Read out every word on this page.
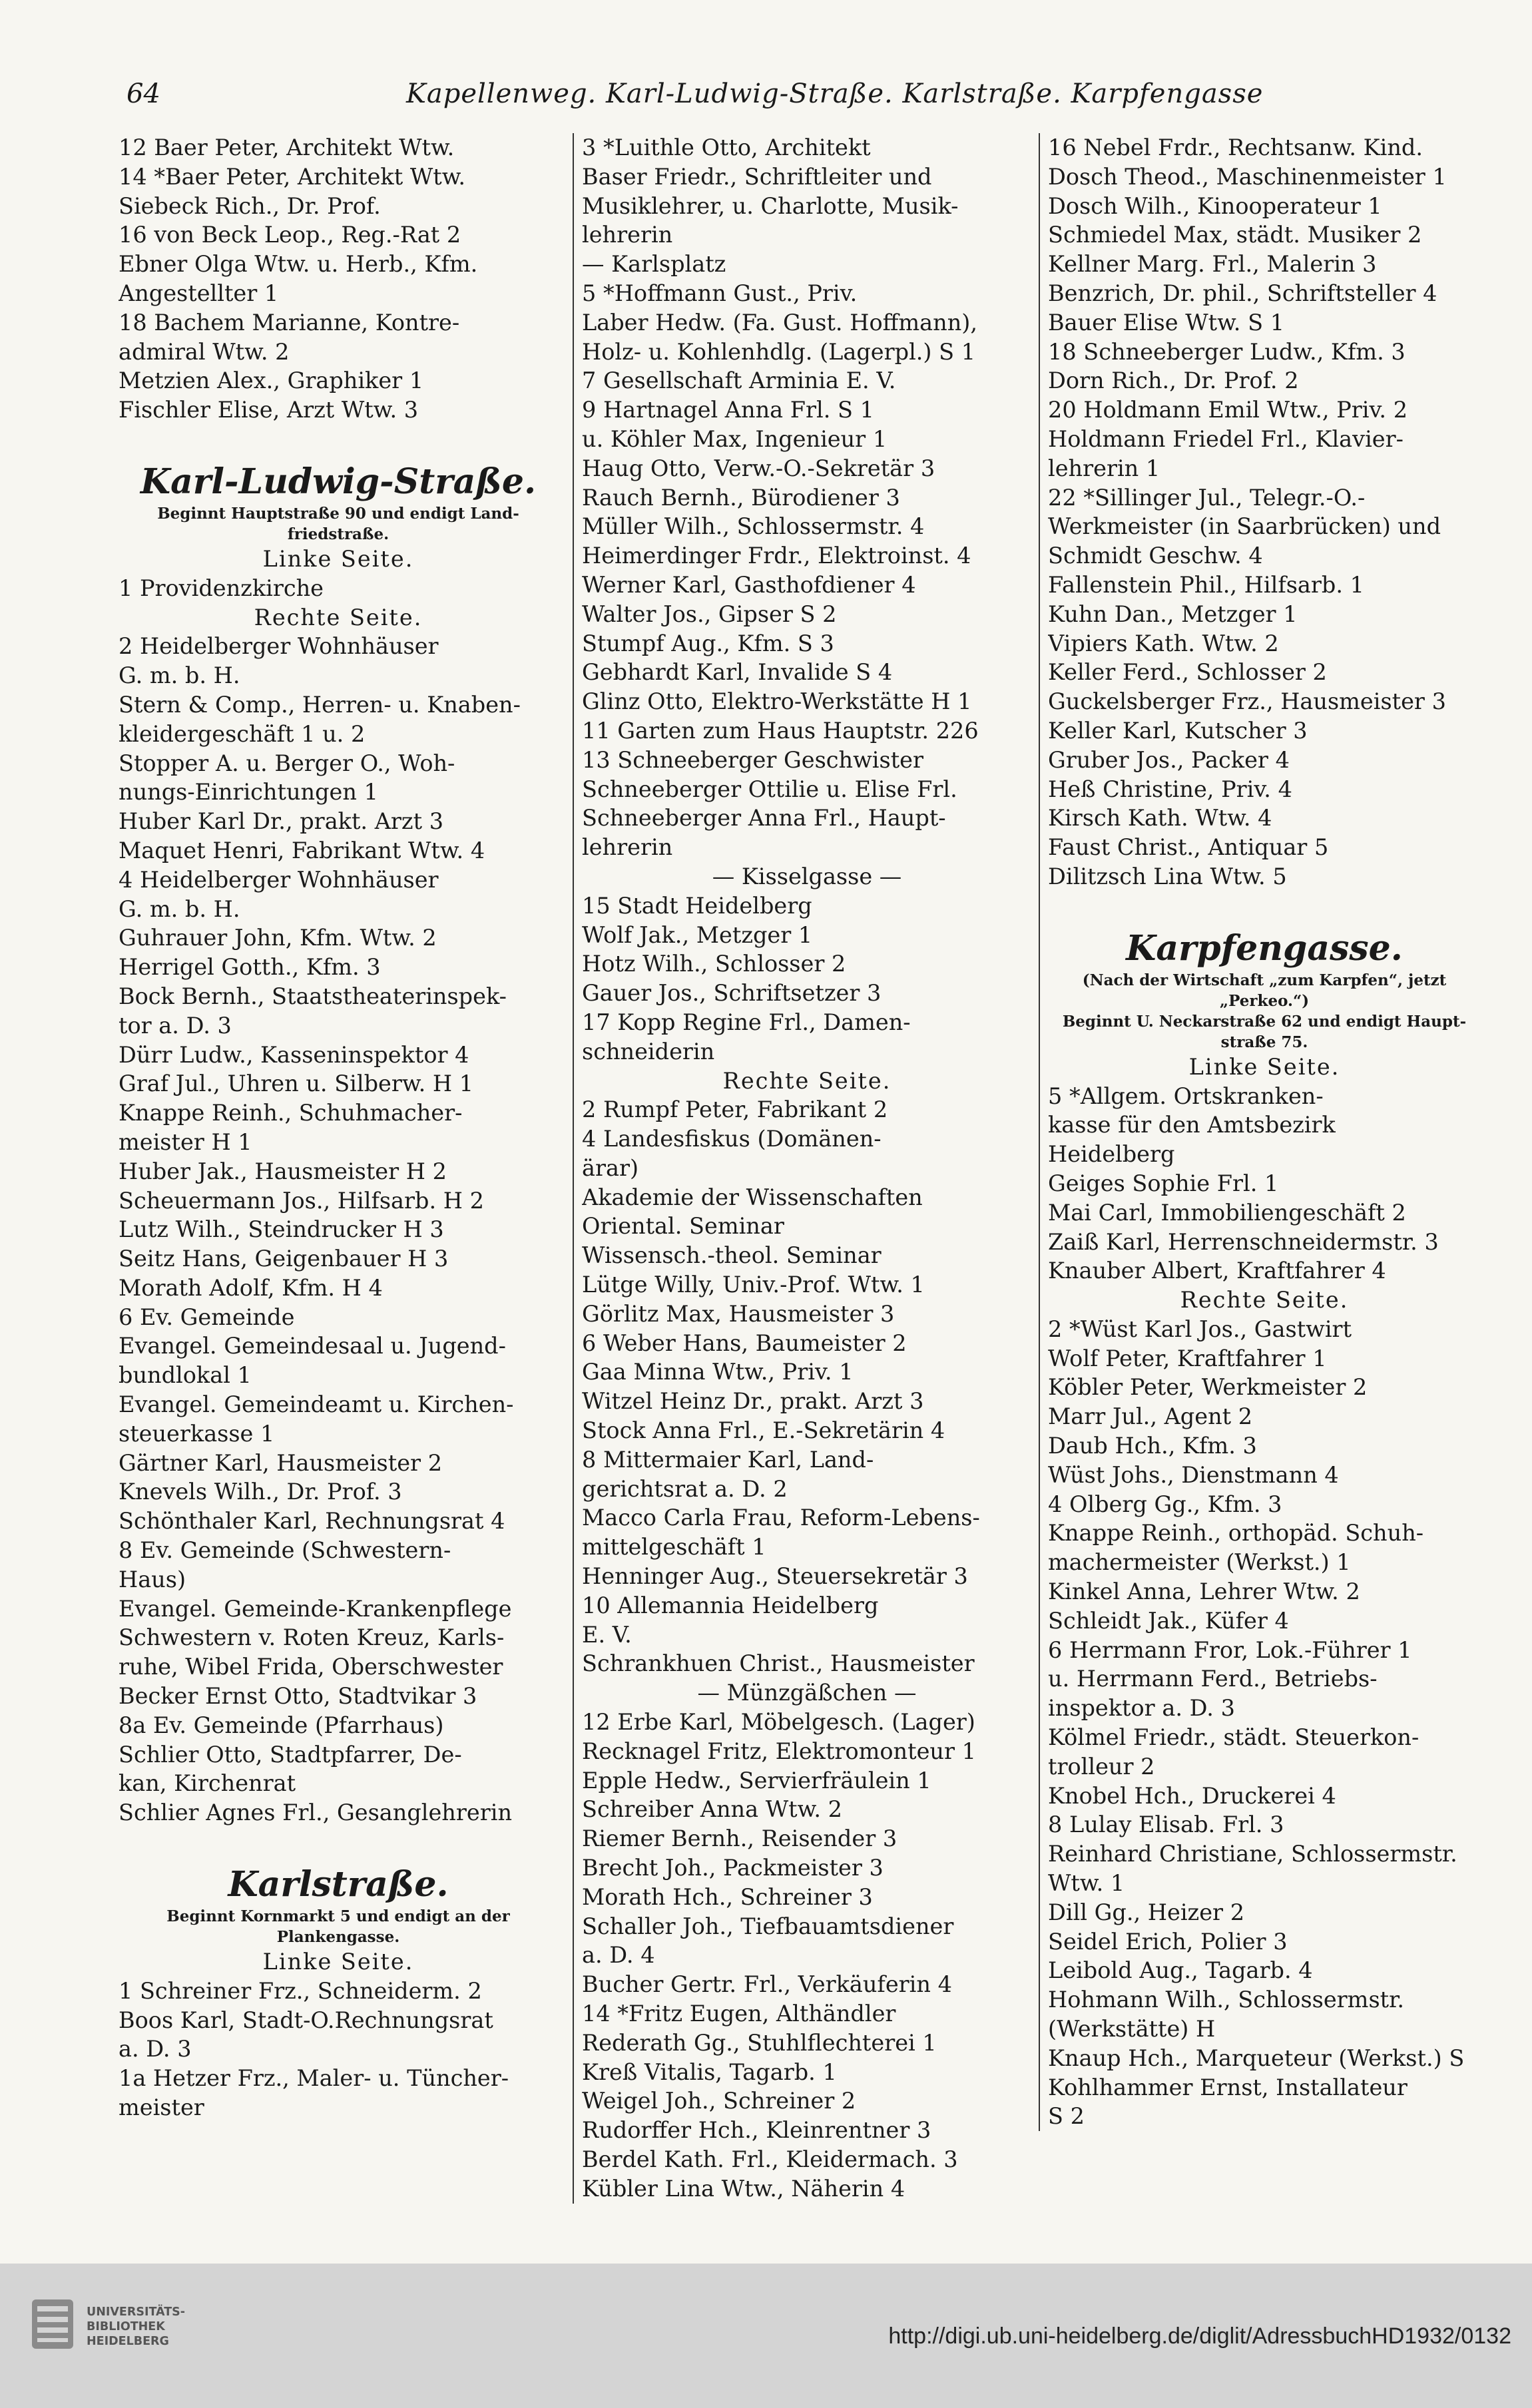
64	Kapellenweg. Karl-Ludwig-Straße. Karlstraße. Karpfengasse
12 Baer Peter, Architekt Wtw.
14 *Baer Peter, Architekt Wtw.
Siebeck Rich., Dr. Prof.
16 von Beck Leop., Reg.-Rat 2
Ebner Olga Wtw. u. Herb., Kfm.
Angestellter 1
18 Bachem Marianne, Kontre-
admiral Wtw. 2
Metzien Alex., Graphiker 1
Fischler Elise, Arzt Wtw. 3
Karl-Ludwig-Straße.
Beginnt Hauptstraße 90 und endigt Land-
friedstraße.
Linke Seite.
1 Providenzkirche
Rechte Seite.
2 Heidelberger Wohnhäuser
G. m. b. H.
Stern & Comp., Herren- u. Knaben-
kleidergeschäft 1 u. 2
Stopper A. u. Berger O., Woh-
nungs-Einrichtungen 1
Huber Karl Dr., prakt. Arzt 3
Maquet Henri, Fabrikant Wtw. 4
4 Heidelberger Wohnhäuser
G. m. b. H.
Guhrauer John, Kfm. Wtw. 2
Herrigel Gotth., Kfm. 3
Bock Bernh., Staatstheaterinspek-
tor a. D. 3
Dürr Ludw., Kasseninspektor 4
Graf Jul., Uhren u. Silberw. H 1
Knappe Reinh., Schuhmacher-
meister H 1
Huber Jak., Hausmeister H 2
Scheuermann Jos., Hilfsarb. H 2
Lutz Wilh., Steindrucker H 3
Seitz Hans, Geigenbauer H 3
Morath Adolf, Kfm. H 4
6 Ev. Gemeinde
Evangel. Gemeindesaal u. Jugend-
bundlokal 1
Evangel. Gemeindeamt u. Kirchen-
steuerkasse 1
Gärtner Karl, Hausmeister 2
Knevels Wilh., Dr. Prof. 3
Schönthaler Karl, Rechnungsrat 4
8 Ev. Gemeinde (Schwestern-
Haus)
Evangel. Gemeinde-Krankenpflege
Schwestern v. Roten Kreuz, Karls-
ruhe, Wibel Frida, Oberschwester
Becker Ernst Otto, Stadtvikar 3
8a Ev. Gemeinde (Pfarrhaus)
Schlier Otto, Stadtpfarrer, De-
kan, Kirchenrat
Schlier Agnes Frl., Gesanglehrerin
Karlstraße.
Beginnt Kornmarkt 5 und endigt an der
Plankengasse.
Linke Seite.
1 Schreiner Frz., Schneiderm. 2
Boos Karl, Stadt-O.Rechnungsrat
a. D. 3
1a Hetzer Frz., Maler- u. Tüncher-
meister
3 *Luithle Otto, Architekt
Baser Friedr., Schriftleiter und
Musiklehrer, u. Charlotte, Musik-
lehrerin
— Karlsplatz
5 *Hoffmann Gust., Priv.
Laber Hedw. (Fa. Gust. Hoffmann),
Holz- u. Kohlenhdlg. (Lagerpl.) S 1
7 Gesellschaft Arminia E. V.
9 Hartnagel Anna Frl. S 1
u. Köhler Max, Ingenieur 1
Haug Otto, Verw.-O.-Sekretär 3
Rauch Bernh., Bürodiener 3
Müller Wilh., Schlossermstr. 4
Heimerdinger Frdr., Elektroinst. 4
Werner Karl, Gasthofdiener 4
Walter Jos., Gipser S 2
Stumpf Aug., Kfm. S 3
Gebhardt Karl, Invalide S 4
Glinz Otto, Elektro-Werkstätte H 1
11 Garten zum Haus Hauptstr. 226
13 Schneeberger Geschwister
Schneeberger Ottilie u. Elise Frl.
Schneeberger Anna Frl., Haupt-
lehrerin
— Kisselgasse —
15 Stadt Heidelberg
Wolf Jak., Metzger 1
Hotz Wilh., Schlosser 2
Gauer Jos., Schriftsetzer 3
17 Kopp Regine Frl., Damen-
schneiderin
Rechte Seite.
2 Rumpf Peter, Fabrikant 2
4 Landesfiskus (Domänen-
ärar)
Akademie der Wissenschaften
Oriental. Seminar
Wissensch.-theol. Seminar
Lütge Willy, Univ.-Prof. Wtw. 1
Görlitz Max, Hausmeister 3
6 Weber Hans, Baumeister 2
Gaa Minna Wtw., Priv. 1
Witzel Heinz Dr., prakt. Arzt 3
Stock Anna Frl., E.-Sekretärin 4
8 Mittermaier Karl, Land-
gerichtsrat a. D. 2
Macco Carla Frau, Reform-Lebens-
mittelgeschäft 1
Henninger Aug., Steuersekretär 3
10 Allemannia Heidelberg
E. V.
Schrankhuen Christ., Hausmeister
— Münzgäßchen —
12 Erbe Karl, Möbelgesch. (Lager)
Recknagel Fritz, Elektromonteur 1
Epple Hedw., Servierfräulein 1
Schreiber Anna Wtw. 2
Riemer Bernh., Reisender 3
Brecht Joh., Packmeister 3
Morath Hch., Schreiner 3
Schaller Joh., Tiefbauamtsdiener
a. D. 4
Bucher Gertr. Frl., Verkäuferin 4
14 *Fritz Eugen, Althändler
Rederath Gg., Stuhlflechterei 1
Kreß Vitalis, Tagarb. 1
Weigel Joh., Schreiner 2
Rudorffer Hch., Kleinrentner 3
Berdel Kath. Frl., Kleidermach. 3
Kübler Lina Wtw., Näherin 4
16 Nebel Frdr., Rechtsanw. Kind.
Dosch Theod., Maschinenmeister 1
Dosch Wilh., Kinooperateur 1
Schmiedel Max, städt. Musiker 2
Kellner Marg. Frl., Malerin 3
Benzrich, Dr. phil., Schriftsteller 4
Bauer Elise Wtw. S 1
18 Schneeberger Ludw., Kfm. 3
Dorn Rich., Dr. Prof. 2
20 Holdmann Emil Wtw., Priv. 2
Holdmann Friedel Frl., Klavier-
lehrerin 1
22 *Sillinger Jul., Telegr.-O.-
Werkmeister (in Saarbrücken) und
Schmidt Geschw. 4
Fallenstein Phil., Hilfsarb. 1
Kuhn Dan., Metzger 1
Vipiers Kath. Wtw. 2
Keller Ferd., Schlosser 2
Guckelsberger Frz., Hausmeister 3
Keller Karl, Kutscher 3
Gruber Jos., Packer 4
Heß Christine, Priv. 4
Kirsch Kath. Wtw. 4
Faust Christ., Antiquar 5
Dilitzsch Lina Wtw. 5
Karpfengasse.
(Nach der Wirtschaft „zum Karpfen“, jetzt
„Perkeo.“)
Beginnt U. Neckarstraße 62 und endigt Haupt-
straße 75.
Linke Seite.
5 *Allgem. Ortskranken-
kasse für den Amtsbezirk
Heidelberg
Geiges Sophie Frl. 1
Mai Carl, Immobiliengeschäft 2
Zaiß Karl, Herrenschneidermstr. 3
Knauber Albert, Kraftfahrer 4
Rechte Seite.
2 *Wüst Karl Jos., Gastwirt
Wolf Peter, Kraftfahrer 1
Köbler Peter, Werkmeister 2
Marr Jul., Agent 2
Daub Hch., Kfm. 3
Wüst Johs., Dienstmann 4
4 Olberg Gg., Kfm. 3
Knappe Reinh., orthopäd. Schuh-
machermeister (Werkst.) 1
Kinkel Anna, Lehrer Wtw. 2
Schleidt Jak., Küfer 4
6 Herrmann Fror, Lok.-Führer 1
u. Herrmann Ferd., Betriebs-
inspektor a. D. 3
Kölmel Friedr., städt. Steuerkon-
trolleur 2
Knobel Hch., Druckerei 4
8 Lulay Elisab. Frl. 3
Reinhard Christiane, Schlossermstr.
Wtw. 1
Dill Gg., Heizer 2
Seidel Erich, Polier 3
Leibold Aug., Tagarb. 4
Hohmann Wilh., Schlossermstr.
(Werkstätte) H
Knaup Hch., Marqueteur (Werkst.) S
Kohlhammer Ernst, Installateur
S 2
UNIVERSITÄTS-
BIBLIOTHEK
HEIDELBERG	http://digi.ub.uni-heidelberg.de/diglit/AdressbuchHD1932/0132
